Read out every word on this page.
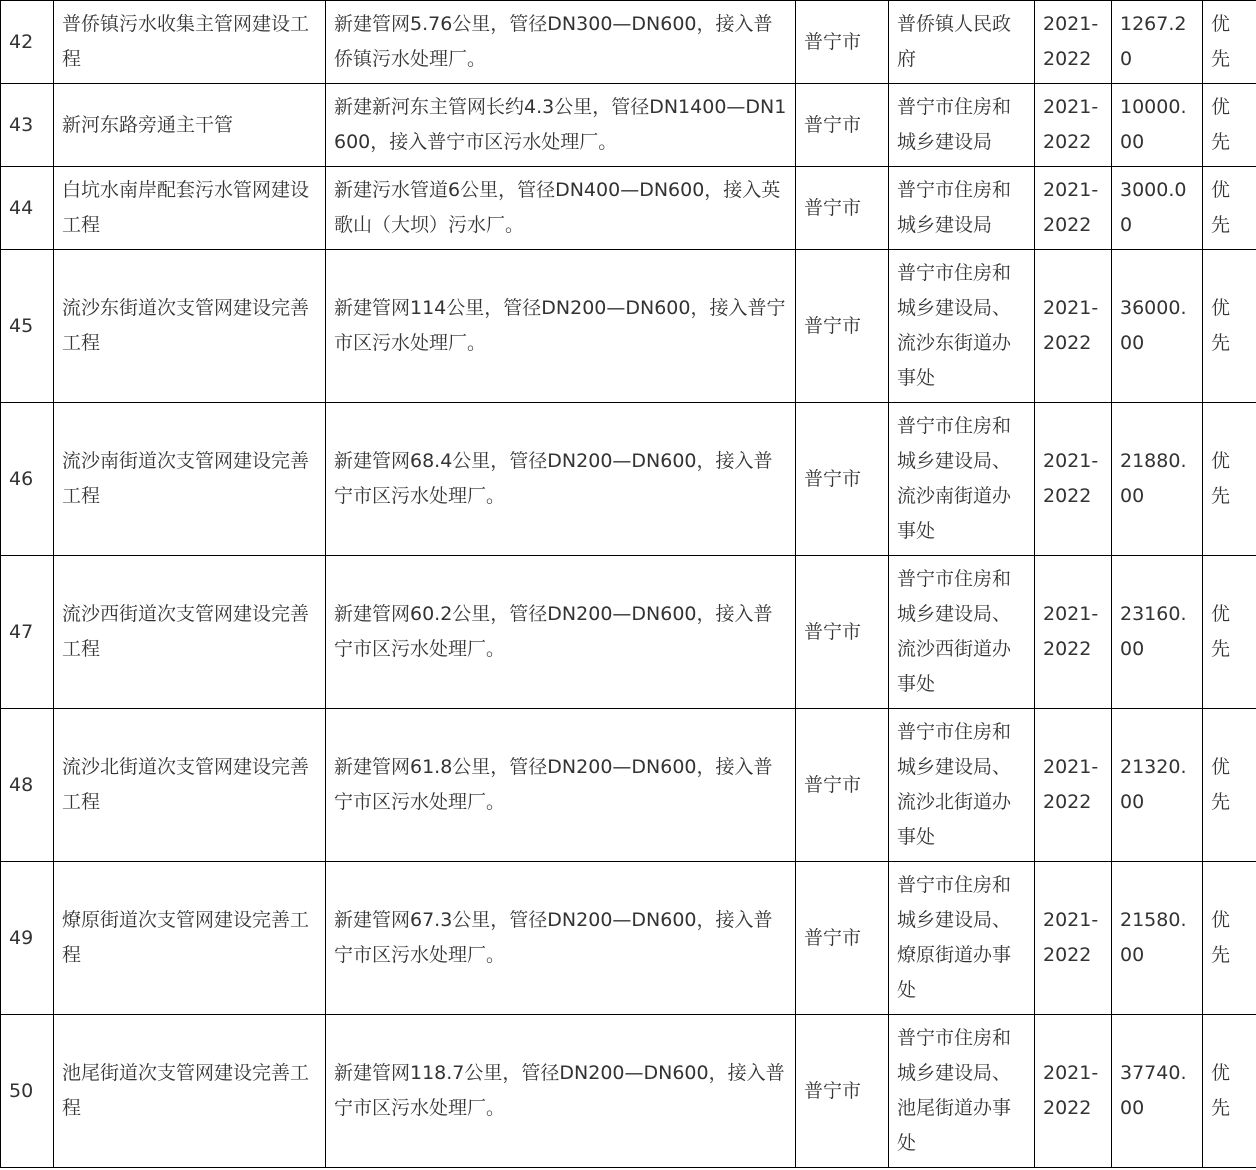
42	普侨镇污水收集主管网建设工程	新建管网5.76公里，管径DN300—DN600，接入普侨镇污水处理厂。	普宁市	普侨镇人民政府	2021-2022	1267.20	优先
43	新河东路旁通主干管	新建新河东主管网长约4.3公里，管径DN1400—DN1600，接入普宁市区污水处理厂。	普宁市	普宁市住房和城乡建设局	2021-2022	10000.00	优先
44	白坑水南岸配套污水管网建设工程	新建污水管道6公里，管径DN400—DN600，接入英歌山（大坝）污水厂。	普宁市	普宁市住房和城乡建设局	2021-2022	3000.00	优先
45	流沙东街道次支管网建设完善工程	新建管网114公里，管径DN200—DN600，接入普宁市区污水处理厂。	普宁市	普宁市住房和城乡建设局、流沙东街道办事处	2021-2022	36000.00	优先
46	流沙南街道次支管网建设完善工程	新建管网68.4公里，管径DN200—DN600，接入普宁市区污水处理厂。	普宁市	普宁市住房和城乡建设局、流沙南街道办事处	2021-2022	21880.00	优先
47	流沙西街道次支管网建设完善工程	新建管网60.2公里，管径DN200—DN600，接入普宁市区污水处理厂。	普宁市	普宁市住房和城乡建设局、流沙西街道办事处	2021-2022	23160.00	优先
48	流沙北街道次支管网建设完善工程	新建管网61.8公里，管径DN200—DN600，接入普宁市区污水处理厂。	普宁市	普宁市住房和城乡建设局、流沙北街道办事处	2021-2022	21320.00	优先
49	燎原街道次支管网建设完善工程	新建管网67.3公里，管径DN200—DN600，接入普宁市区污水处理厂。	普宁市	普宁市住房和城乡建设局、燎原街道办事处	2021-2022	21580.00	优先
50	池尾街道次支管网建设完善工程	新建管网118.7公里，管径DN200—DN600，接入普宁市区污水处理厂。	普宁市	普宁市住房和城乡建设局、池尾街道办事处	2021-2022	37740.00	优先
